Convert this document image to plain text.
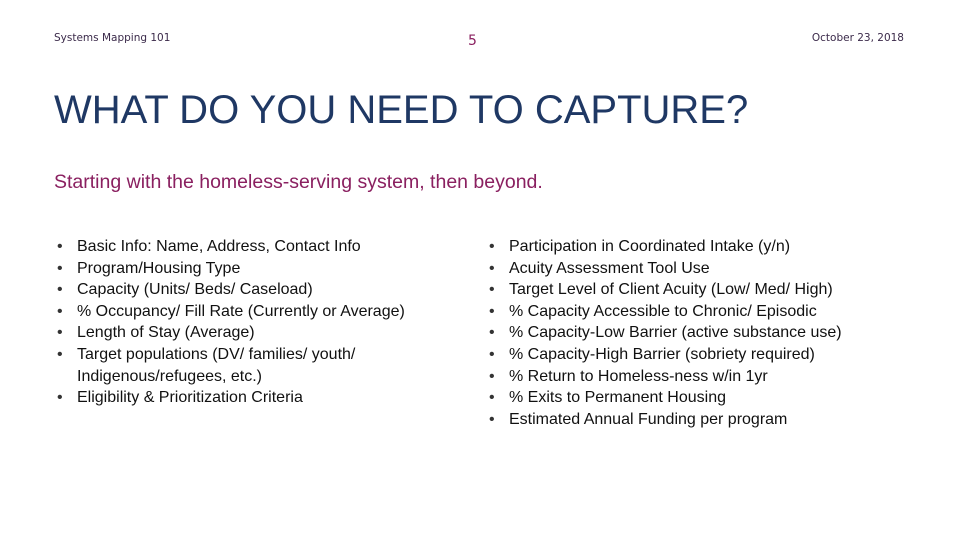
Systems Mapping 101	5	October 23, 2018
WHAT DO YOU NEED TO CAPTURE?

Starting with the homeless-serving system, then beyond.

• Basic Info: Name, Address, Contact Info
• Program/Housing Type
• Capacity (Units/ Beds/ Caseload)
• % Occupancy/ Fill Rate (Currently or Average)
• Length of Stay (Average)
• Target populations (DV/ families/ youth/ Indigenous/refugees, etc.)
• Eligibility & Prioritization Criteria
• Participation in Coordinated Intake (y/n)
• Acuity Assessment Tool Use
• Target Level of Client Acuity (Low/ Med/ High)
• % Capacity Accessible to Chronic/ Episodic
• % Capacity-Low Barrier (active substance use)
• % Capacity-High Barrier (sobriety required)
• % Return to Homeless-ness w/in 1yr
• % Exits to Permanent Housing
• Estimated Annual Funding per program
